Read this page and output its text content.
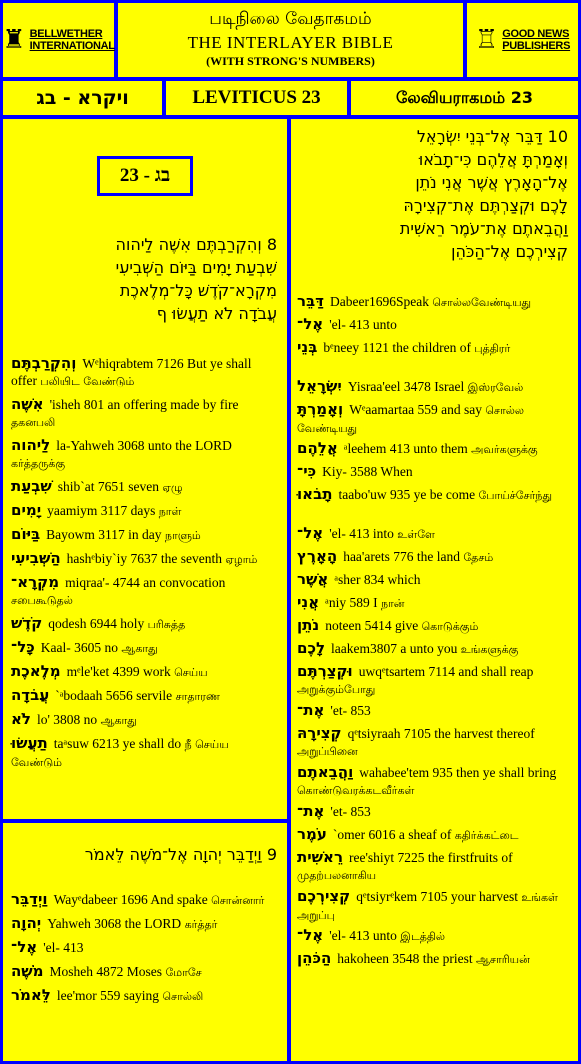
♜ BELLWETHER
INTERNATIONAL
படிநிலை வேதாகமம்
THE INTERLAYER BIBLE
(WITH STRONG'S NUMBERS)
♖ GOOD NEWS
PUBLISHERS
ויקרא - בג	LEVITICUS 23	லேவியராகமம் 23
8 וְהִקְרַבְתֶּם אִשֶּׁה לַיהוה
שִׁבְעַת יָמִים בַּיּוֹם הַשְּׁבִיעִי
מִקְרָא־קֹדֶשׁ כָּל־מְלֶאכֶת
עֲבֹדָה לֹא תַעֲשׂוּ ף
וְהִקְרַבְתֶּם Wᵉhiqrabtem 7126 But ye shall offer பலியிட வேண்டும்
אִשֶּׁה 'isheh 801 an offering made by fire தகனபலி
לַיהוה la-Yahweh 3068 unto the LORD கர்த்தருக்கு
שִׁבְעַת shib`at 7651 seven ஏழு
יָמִים yaamiym 3117 days நாள்
בַּיּוֹם Bayowm 3117 in day நாளும்
הַשְּׁבִיעִי hashᵉbiy`iy 7637 the seventh ஏழாம்
מִקְרָא־ miqraa'- 4744 an convocation சபைகூடுதல்
קֹדֶשׁ qodesh 6944 holy பரிசுத்த
כָּל־ Kaal- 3605 no ஆகாது
מְלֶאכֶת mᵉle'ket 4399 work செய்ய
עֲבֹדָה `ᵃbodaah 5656 servile சாதாரண
לֹא lo' 3808 no ஆகாது
תַעֲשׂוּ taᵃsuw 6213 ye shall do நீ செய்ய வேண்டும்
23 - בג
9 וַיְדַבֵּר יְהוָה אֶל־מֹשֶׁה לֵּאמֹר
וַיְדַבֵּר Wayᵉdabeer 1696 And spake சொன்னார்
יְהוָה Yahweh 3068 the LORD கர்த்தர்
אֶל־ 'el- 413
מֹשֶׁה Mosheh 4872 Moses மோசே
לֵּאמֹר lee'mor 559 saying சொல்லி
10 דַּבֵּר אֶל־בְּנֵי יִשְׂרָאֵל
וְאָמַרְתָּ אֲלֵהֶם כִּי־תָבֹאוּ
אֶל־הָאָרֶץ אֲשֶׁר אֲנִי נֹתֵן
לָכֶם וּקְצַרְתֶּם אֶת־קְצִירָהּ
וַהֲבֵאתֶם אֶת־עֹמֶר רֵאשִׁית
קְצִירְכֶם אֶל־הַכֹּהֵן
דַּבֵּר Dabeer1696Speak சொல்லவேண்டியது
אֶל־ 'el- 413 unto
בְּנֵי bᵉneey 1121 the children of புத்திரர்
יִשְׂרָאֵל Yisraa'eel 3478 Israel இஸ்ரவேல்
וְאָמַרְתָּ Wᵉaamartaa 559 and say சொல்ல வேண்டியது
אֲלֵהֶם ᵃleehem 413 unto them அவர்களுக்கு
כִּי־ Kiy- 3588 When
תָבֹאוּ taabo'uw 935 ye be come போய்ச்சேர்ந்து
אֶל־ 'el- 413 into உள்ளே
הָאָרֶץ haa'arets 776 the land தேசம்
אֲשֶׁר ᵃsher 834 which
אֲנִי ᵃniy 589 I நான்
נֹתֵן noteen 5414 give கொடுக்கும்
לָכֶם laakem3807 a unto you உங்களுக்கு
וּקְצַרְתֶּם uwqᵉtsartem 7114 and shall reap அறுக்கும்போது
אֶת־ 'et- 853
קְצִירָהּ qᵉtsiyraah 7105 the harvest thereof அறுப்பினை
וַהֲבֵאתֶם wahabee'tem 935 then ye shall bring கொண்டுவரக்கடவீர்கள்
אֶת־ 'et- 853
עֹמֶר `omer 6016 a sheaf of கதிர்க்கட்டை
רֵאשִׁית ree'shiyt 7225 the firstfruits of முதற்பலனாகிய
קְצִירְכֶם qᵉtsiyrᵉkem 7105 your harvest உங்கள் அறுப்பு
אֶל־ 'el- 413 unto இடத்தில்
הַכֹּהֵן hakoheen 3548 the priest ஆசாரியன்
